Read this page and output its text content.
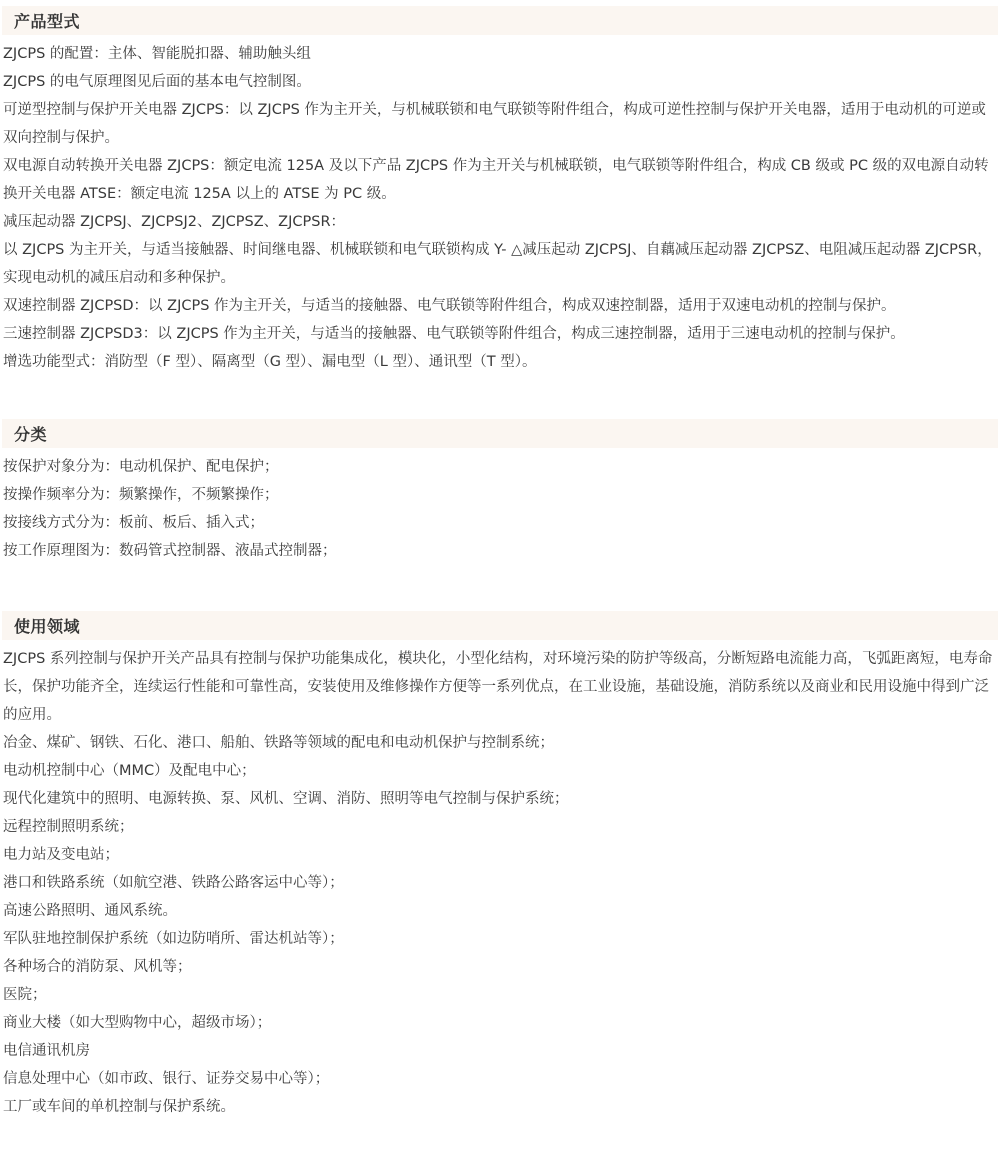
产品型式
ZJCPS 的配置：主体、智能脱扣器、辅助触头组
ZJCPS 的电气原理图见后面的基本电气控制图。
可逆型控制与保护开关电器 ZJCPS：以 ZJCPS 作为主开关，与机械联锁和电气联锁等附件组合，构成可逆性控制与保护开关电器，适用于电动机的可逆或双向控制与保护。
双电源自动转换开关电器 ZJCPS：额定电流 125A 及以下产品 ZJCPS 作为主开关与机械联锁，电气联锁等附件组合，构成 CB 级或 PC 级的双电源自动转换开关电器 ATSE：额定电流 125A 以上的 ATSE 为 PC 级。
减压起动器 ZJCPSJ、ZJCPSJ2、ZJCPSZ、ZJCPSR：
以 ZJCPS 为主开关，与适当接触器、时间继电器、机械联锁和电气联锁构成 Y- △减压起动 ZJCPSJ、自藕减压起动器 ZJCPSZ、电阻减压起动器 ZJCPSR，实现电动机的减压启动和多种保护。
双速控制器 ZJCPSD：以 ZJCPS 作为主开关，与适当的接触器、电气联锁等附件组合，构成双速控制器，适用于双速电动机的控制与保护。
三速控制器 ZJCPSD3：以 ZJCPS 作为主开关，与适当的接触器、电气联锁等附件组合，构成三速控制器，适用于三速电动机的控制与保护。
增选功能型式：消防型（F 型）、隔离型（G 型）、漏电型（L 型）、通讯型（T 型）。
分类
按保护对象分为：电动机保护、配电保护；
按操作频率分为：频繁操作，不频繁操作；
按接线方式分为：板前、板后、插入式；
按工作原理图为：数码管式控制器、液晶式控制器；
使用领域
ZJCPS 系列控制与保护开关产品具有控制与保护功能集成化，模块化，小型化结构，对环境污染的防护等级高，分断短路电流能力高，飞弧距离短，电寿命长，保护功能齐全，连续运行性能和可靠性高，安装使用及维修操作方便等一系列优点，在工业设施，基础设施，消防系统以及商业和民用设施中得到广泛的应用。
冶金、煤矿、钢铁、石化、港口、船舶、铁路等领域的配电和电动机保护与控制系统；
电动机控制中心（MMC）及配电中心；
现代化建筑中的照明、电源转换、泵、风机、空调、消防、照明等电气控制与保护系统；
远程控制照明系统；
电力站及变电站；
港口和铁路系统（如航空港、铁路公路客运中心等）；
高速公路照明、通风系统。
军队驻地控制保护系统（如边防哨所、雷达机站等）；
各种场合的消防泵、风机等；
医院；
商业大楼（如大型购物中心，超级市场）；
电信通讯机房
信息处理中心（如市政、银行、证券交易中心等）；
工厂或车间的单机控制与保护系统。
